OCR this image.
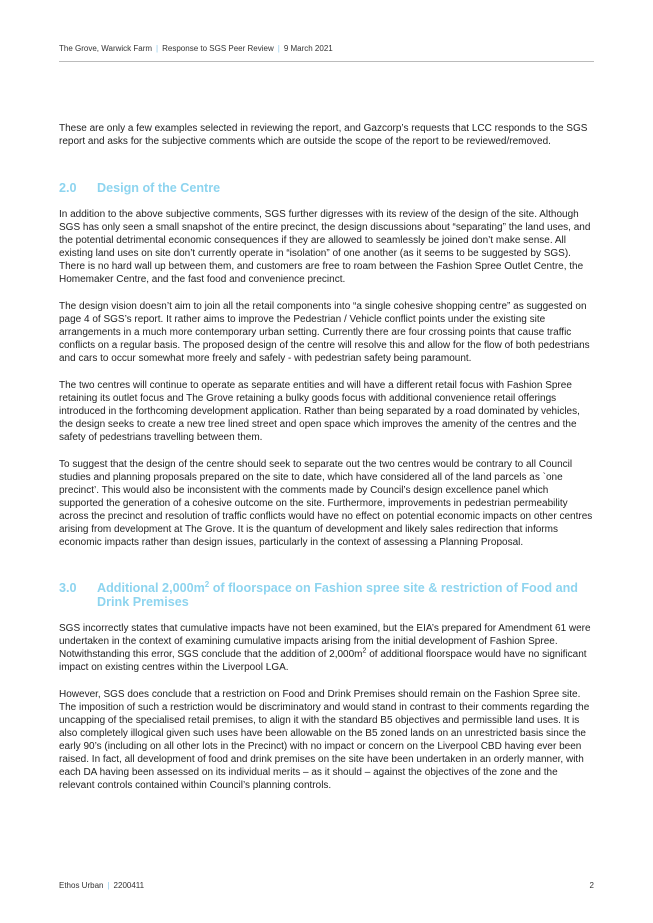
The Grove, Warwick Farm | Response to SGS Peer Review | 9 March 2021

These are only a few examples selected in reviewing the report, and Gazcorp’s requests that LCC responds to the SGS report and asks for the subjective comments which are outside the scope of the report to be reviewed/removed.

2.0	Design of the Centre

In addition to the above subjective comments, SGS further digresses with its review of the design of the site. Although SGS has only seen a small snapshot of the entire precinct, the design discussions about “separating” the land uses, and the potential detrimental economic consequences if they are allowed to seamlessly be joined don’t make sense. All existing land uses on site don’t currently operate in “isolation” of one another (as it seems to be suggested by SGS). There is no hard wall up between them, and customers are free to roam between the Fashion Spree Outlet Centre, the Homemaker Centre, and the fast food and convenience precinct.

The design vision doesn’t aim to join all the retail components into “a single cohesive shopping centre” as suggested on page 4 of SGS’s report. It rather aims to improve the Pedestrian / Vehicle conflict points under the existing site arrangements in a much more contemporary urban setting. Currently there are four crossing points that cause traffic conflicts on a regular basis. The proposed design of the centre will resolve this and allow for the flow of both pedestrians and cars to occur somewhat more freely and safely - with pedestrian safety being paramount.

The two centres will continue to operate as separate entities and will have a different retail focus with Fashion Spree retaining its outlet focus and The Grove retaining a bulky goods focus with additional convenience retail offerings introduced in the forthcoming development application. Rather than being separated by a road dominated by vehicles, the design seeks to create a new tree lined street and open space which improves the amenity of the centres and the safety of pedestrians travelling between them.

To suggest that the design of the centre should seek to separate out the two centres would be contrary to all Council studies and planning proposals prepared on the site to date, which have considered all of the land parcels as `one precinct’. This would also be inconsistent with the comments made by Council’s design excellence panel which supported the generation of a cohesive outcome on the site. Furthermore, improvements in pedestrian permeability across the precinct and resolution of traffic conflicts would have no effect on potential economic impacts on other centres arising from development at The Grove. It is the quantum of development and likely sales redirection that informs economic impacts rather than design issues, particularly in the context of assessing a Planning Proposal.

3.0	Additional $2,000m^2$ of floorspace on Fashion spree site & restriction of Food and Drink Premises

SGS incorrectly states that cumulative impacts have not been examined, but the EIA’s prepared for Amendment 61 were undertaken in the context of examining cumulative impacts arising from the initial development of Fashion Spree. Notwithstanding this error, SGS conclude that the addition of $2,000m^2$ of additional floorspace would have no significant impact on existing centres within the Liverpool LGA.

However, SGS does conclude that a restriction on Food and Drink Premises should remain on the Fashion Spree site. The imposition of such a restriction would be discriminatory and would stand in contrast to their comments regarding the uncapping of the specialised retail premises, to align it with the standard B5 objectives and permissible land uses. It is also completely illogical given such uses have been allowable on the B5 zoned lands on an unrestricted basis since the early 90’s (including on all other lots in the Precinct) with no impact or concern on the Liverpool CBD having ever been raised. In fact, all development of food and drink premises on the site have been undertaken in an orderly manner, with each DA having been assessed on its individual merits – as it should – against the objectives of the zone and the relevant controls contained within Council’s planning controls.

Ethos Urban | 2200411	2
